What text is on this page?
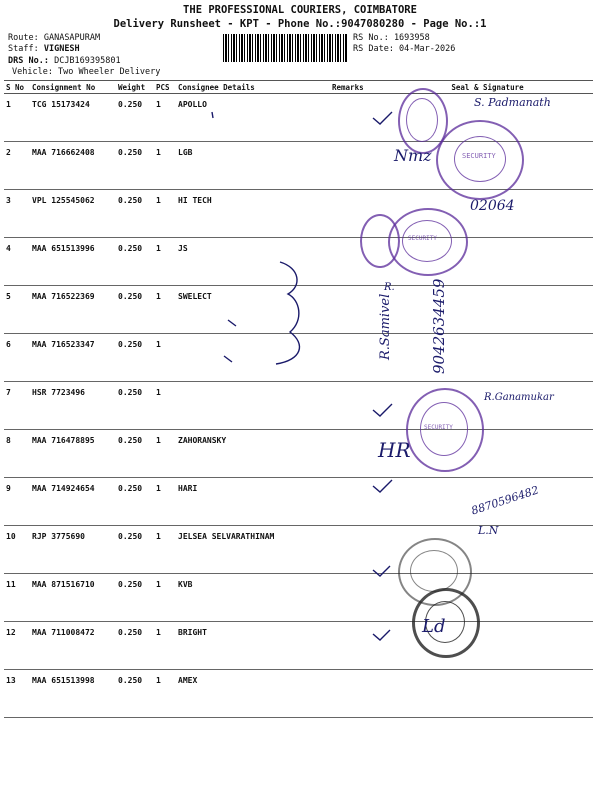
THE PROFESSIONAL COURIERS, COIMBATORE
Delivery Runsheet - KPT - Phone No.:9047080280 - Page No.:1
Route: GANASAPURAM
Staff: VIGNESH
DRS No.: DCJB169395801
Vehicle: Two Wheeler Delivery
RS No.: 1693958
RS Date: 04-Mar-2026
S No	Consignment No	Weight	PCS	Consignee Details	Remarks	Seal & Signature
1	TCG 15173424	0.250	1	APOLLO		
2	MAA 716662408	0.250	1	LGB		
3	VPL 125545062	0.250	1	HI TECH		
4	MAA 651513996	0.250	1	JS		
5	MAA 716522369	0.250	1	SWELECT		
6	MAA 716523347	0.250	1			
7	HSR 7723496	0.250	1			
8	MAA 716478895	0.250	1	ZAHORANSKY		
9	MAA 714924654	0.250	1	HARI		
10	RJP 3775690	0.250	1	JELSEA SELVARATHINAM		
11	MAA 871516710	0.250	1	KVB		
12	MAA 711008472	0.250	1	BRIGHT		
13	MAA 651513998	0.250	1	AMEX		
SECURITY
SECURITY
SECURITY
S. Padmanath
Nmz
02064
R.
R.Samivel 9042634459
R.Ganamukar
HR
8870596482
L.N
Ld
